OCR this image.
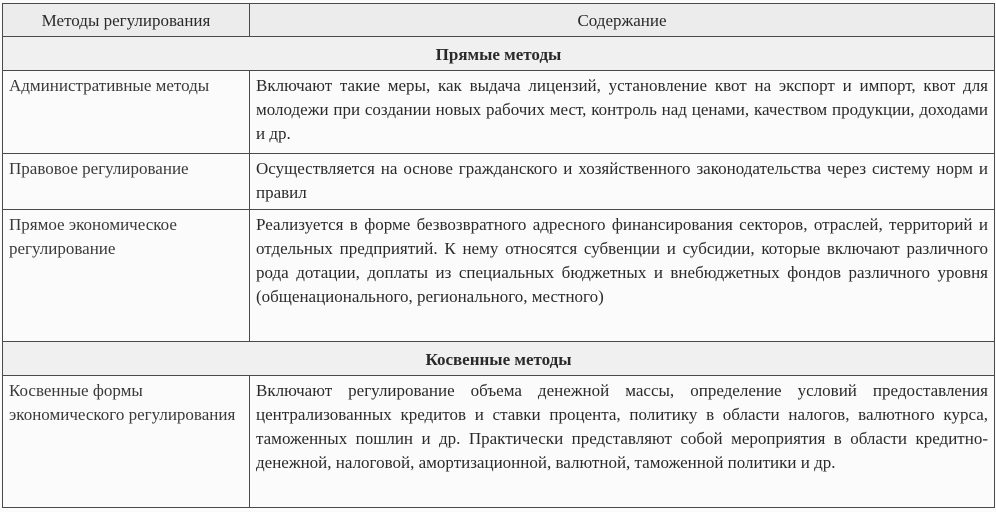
Методы регулирования	Содержание
Прямые методы	
Административные методы	Включают такие меры, как выдача лицензий, установление квот на экспорт и импорт, квот для молодежи при создании новых рабочих мест, контроль над ценами, качеством продукции, доходами и др.
Правовое регулирование	Осуществляется на основе гражданского и хозяйственного законодательства через систему норм и правил
Прямое экономическое регулирование	Реализуется в форме безвозвратного адресного финансирования секторов, отраслей, территорий и отдельных предприятий. К нему относятся субвенции и субсидии, которые включают различного рода дотации, доплаты из специальных бюджетных и внебюджетных фондов различного уровня (общенационального, регионального, местного)
Косвенные методы	
Косвенные формы экономического регулирования	Включают регулирование объема денежной массы, определение условий предоставления централизованных кредитов и ставки процента, политику в области налогов, валютного курса, таможенных пошлин и др. Практически представляют собой мероприятия в области кредитно-денежной, налоговой, амортизационной, валютной, таможенной политики и др.
